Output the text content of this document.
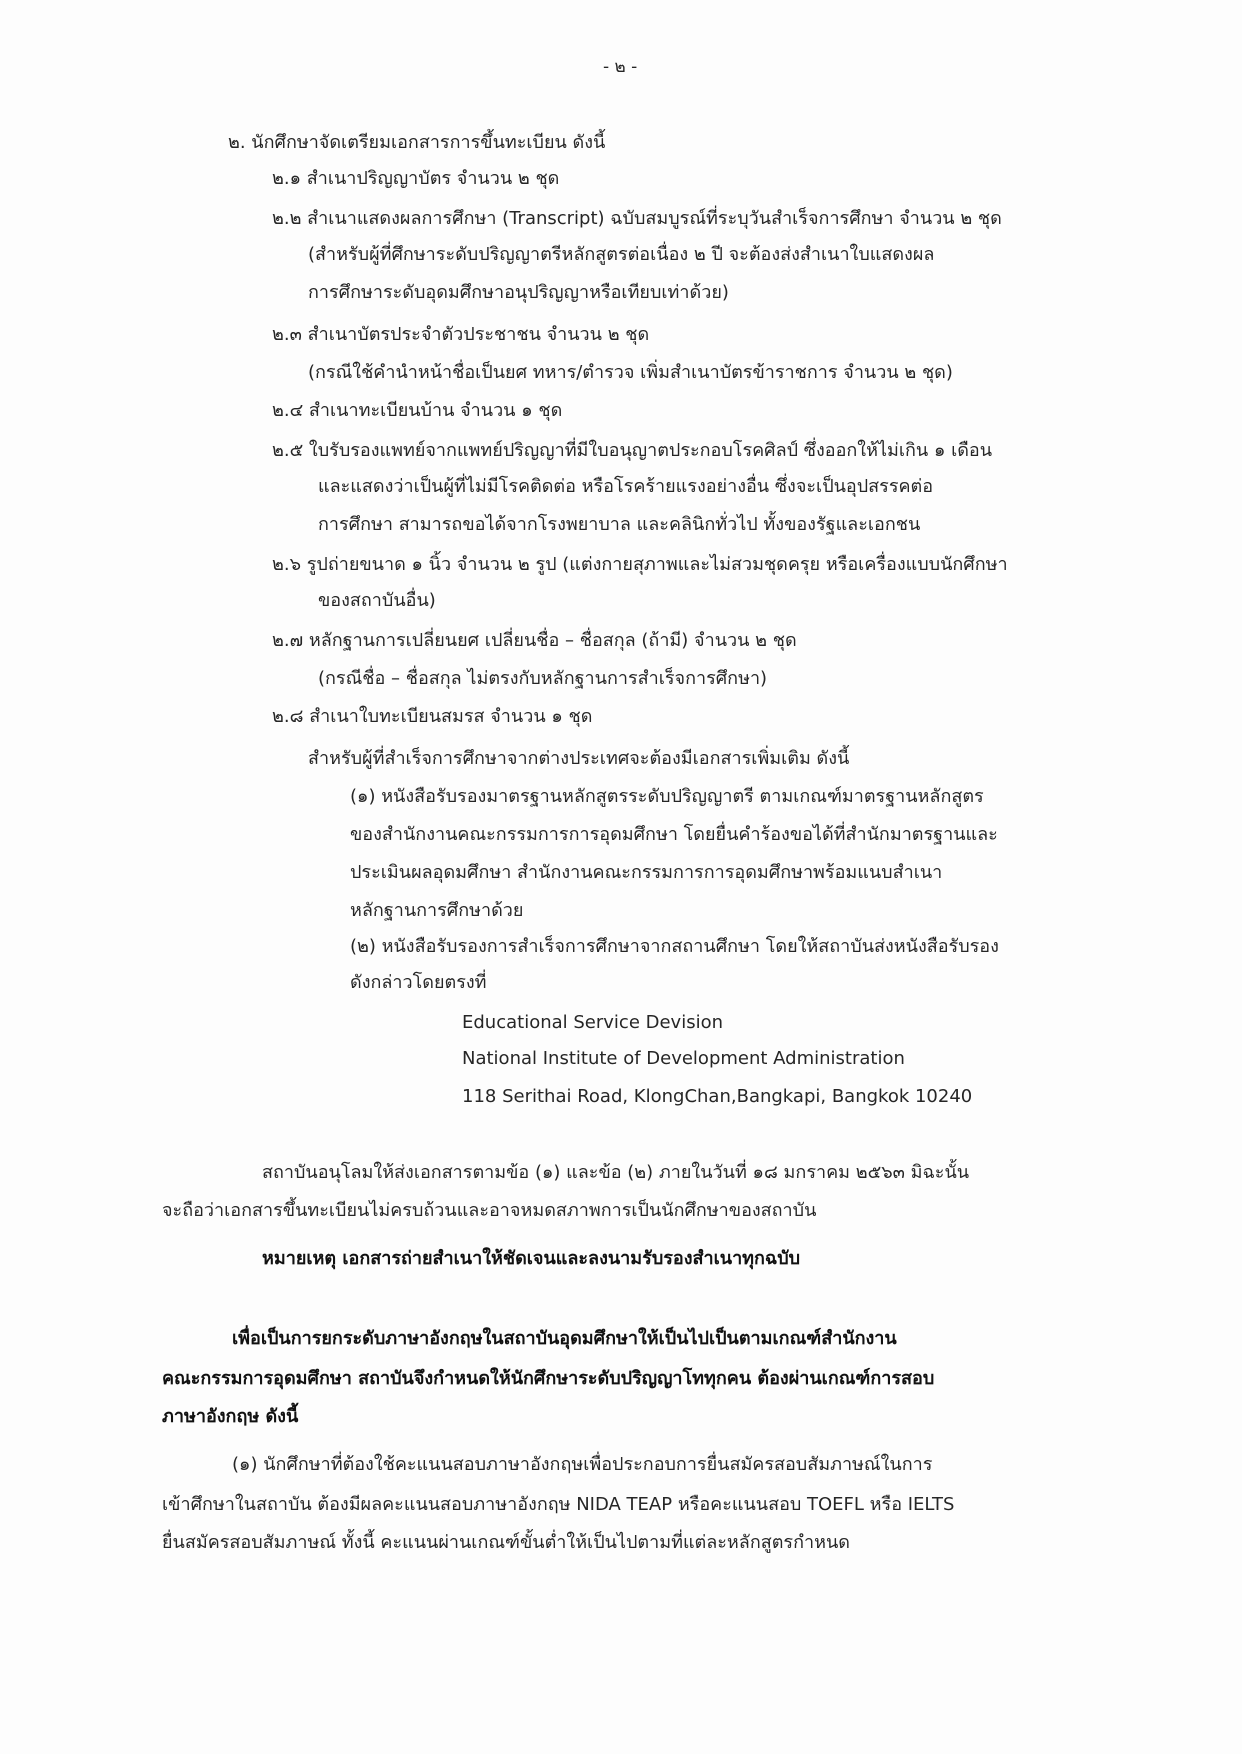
- ๒ -
๒. นักศึกษาจัดเตรียมเอกสารการขึ้นทะเบียน ดังนี้
๒.๑ สำเนาปริญญาบัตร จำนวน ๒ ชุด
๒.๒ สำเนาแสดงผลการศึกษา (Transcript) ฉบับสมบูรณ์ที่ระบุวันสำเร็จการศึกษา จำนวน ๒ ชุด
(สำหรับผู้ที่ศึกษาระดับปริญญาตรีหลักสูตรต่อเนื่อง ๒ ปี จะต้องส่งสำเนาใบแสดงผล
การศึกษาระดับอุดมศึกษาอนุปริญญาหรือเทียบเท่าด้วย)
๒.๓ สำเนาบัตรประจำตัวประชาชน จำนวน ๒ ชุด
(กรณีใช้คำนำหน้าชื่อเป็นยศ ทหาร/ตำรวจ เพิ่มสำเนาบัตรข้าราชการ จำนวน ๒ ชุด)
๒.๔ สำเนาทะเบียนบ้าน จำนวน ๑ ชุด
๒.๕ ใบรับรองแพทย์จากแพทย์ปริญญาที่มีใบอนุญาตประกอบโรคศิลป์ ซึ่งออกให้ไม่เกิน ๑ เดือน
และแสดงว่าเป็นผู้ที่ไม่มีโรคติดต่อ หรือโรคร้ายแรงอย่างอื่น ซึ่งจะเป็นอุปสรรคต่อ
การศึกษา สามารถขอได้จากโรงพยาบาล และคลินิกทั่วไป ทั้งของรัฐและเอกชน
๒.๖ รูปถ่ายขนาด ๑ นิ้ว จำนวน ๒ รูป (แต่งกายสุภาพและไม่สวมชุดครุย หรือเครื่องแบบนักศึกษา
ของสถาบันอื่น)
๒.๗ หลักฐานการเปลี่ยนยศ เปลี่ยนชื่อ – ชื่อสกุล (ถ้ามี) จำนวน ๒ ชุด
(กรณีชื่อ – ชื่อสกุล ไม่ตรงกับหลักฐานการสำเร็จการศึกษา)
๒.๘ สำเนาใบทะเบียนสมรส จำนวน ๑ ชุด
สำหรับผู้ที่สำเร็จการศึกษาจากต่างประเทศจะต้องมีเอกสารเพิ่มเติม ดังนี้
(๑) หนังสือรับรองมาตรฐานหลักสูตรระดับปริญญาตรี ตามเกณฑ์มาตรฐานหลักสูตร
ของสำนักงานคณะกรรมการการอุดมศึกษา โดยยื่นคำร้องขอได้ที่สำนักมาตรฐานและ
ประเมินผลอุดมศึกษา สำนักงานคณะกรรมการการอุดมศึกษาพร้อมแนบสำเนา
หลักฐานการศึกษาด้วย
(๒) หนังสือรับรองการสำเร็จการศึกษาจากสถานศึกษา โดยให้สถาบันส่งหนังสือรับรอง
ดังกล่าวโดยตรงที่
Educational Service Devision
National Institute of Development Administration
118 Serithai Road, KlongChan,Bangkapi, Bangkok 10240
สถาบันอนุโลมให้ส่งเอกสารตามข้อ (๑) และข้อ (๒) ภายในวันที่ ๑๘ มกราคม ๒๕๖๓ มิฉะนั้น
จะถือว่าเอกสารขึ้นทะเบียนไม่ครบถ้วนและอาจหมดสภาพการเป็นนักศึกษาของสถาบัน
หมายเหตุ เอกสารถ่ายสำเนาให้ชัดเจนและลงนามรับรองสำเนาทุกฉบับ
เพื่อเป็นการยกระดับภาษาอังกฤษในสถาบันอุดมศึกษาให้เป็นไปเป็นตามเกณฑ์สำนักงาน
คณะกรรมการอุดมศึกษา สถาบันจึงกำหนดให้นักศึกษาระดับปริญญาโททุกคน ต้องผ่านเกณฑ์การสอบ
ภาษาอังกฤษ ดังนี้
(๑) นักศึกษาที่ต้องใช้คะแนนสอบภาษาอังกฤษเพื่อประกอบการยื่นสมัครสอบสัมภาษณ์ในการ
เข้าศึกษาในสถาบัน ต้องมีผลคะแนนสอบภาษาอังกฤษ NIDA TEAP หรือคะแนนสอบ TOEFL หรือ IELTS
ยื่นสมัครสอบสัมภาษณ์ ทั้งนี้ คะแนนผ่านเกณฑ์ขั้นต่ำให้เป็นไปตามที่แต่ละหลักสูตรกำหนด
